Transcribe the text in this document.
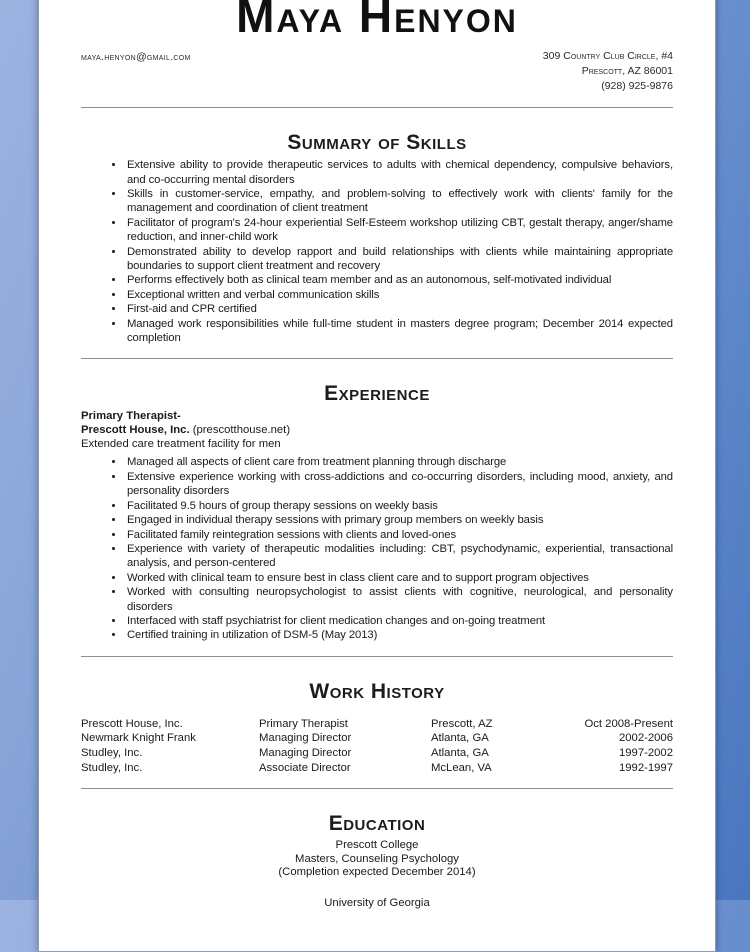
Maya Henyon
maya.henyon@gmail.com	309 Country Club Circle, #4
Prescott, AZ 86001
(928) 925-9876
Summary of Skills
• Extensive ability to provide therapeutic services to adults with chemical dependency, compulsive behaviors, and co-occurring mental disorders
• Skills in customer-service, empathy, and problem-solving to effectively work with clients' family for the management and coordination of client treatment
• Facilitator of program's 24-hour experiential Self-Esteem workshop utilizing CBT, gestalt therapy, anger/shame reduction, and inner-child work
• Demonstrated ability to develop rapport and build relationships with clients while maintaining appropriate boundaries to support client treatment and recovery
• Performs effectively both as clinical team member and as an autonomous, self-motivated individual
• Exceptional written and verbal communication skills
• First-aid and CPR certified
• Managed work responsibilities while full-time student in masters degree program; December 2014 expected completion
Experience
Primary Therapist-
Prescott House, Inc. (prescotthouse.net)
Extended care treatment facility for men
• Managed all aspects of client care from treatment planning through discharge
• Extensive experience working with cross-addictions and co-occurring disorders, including mood, anxiety, and personality disorders
• Facilitated 9.5 hours of group therapy sessions on weekly basis
• Engaged in individual therapy sessions with primary group members on weekly basis
• Facilitated family reintegration sessions with clients and loved-ones
• Experience with variety of therapeutic modalities including: CBT, psychodynamic, experiential, transactional analysis, and person-centered
• Worked with clinical team to ensure best in class client care and to support program objectives
• Worked with consulting neuropsychologist to assist clients with cognitive, neurological, and personality disorders
• Interfaced with staff psychiatrist for client medication changes and on-going treatment
• Certified training in utilization of DSM-5 (May 2013)
Work History
Prescott House, Inc.	Primary Therapist	Prescott, AZ	Oct 2008-Present
Newmark Knight Frank	Managing Director	Atlanta, GA	2002-2006
Studley, Inc.	Managing Director	Atlanta, GA	1997-2002
Studley, Inc.	Associate Director	McLean, VA	1992-1997
Education
Prescott College
Masters, Counseling Psychology
(Completion expected December 2014)
University of Georgia
